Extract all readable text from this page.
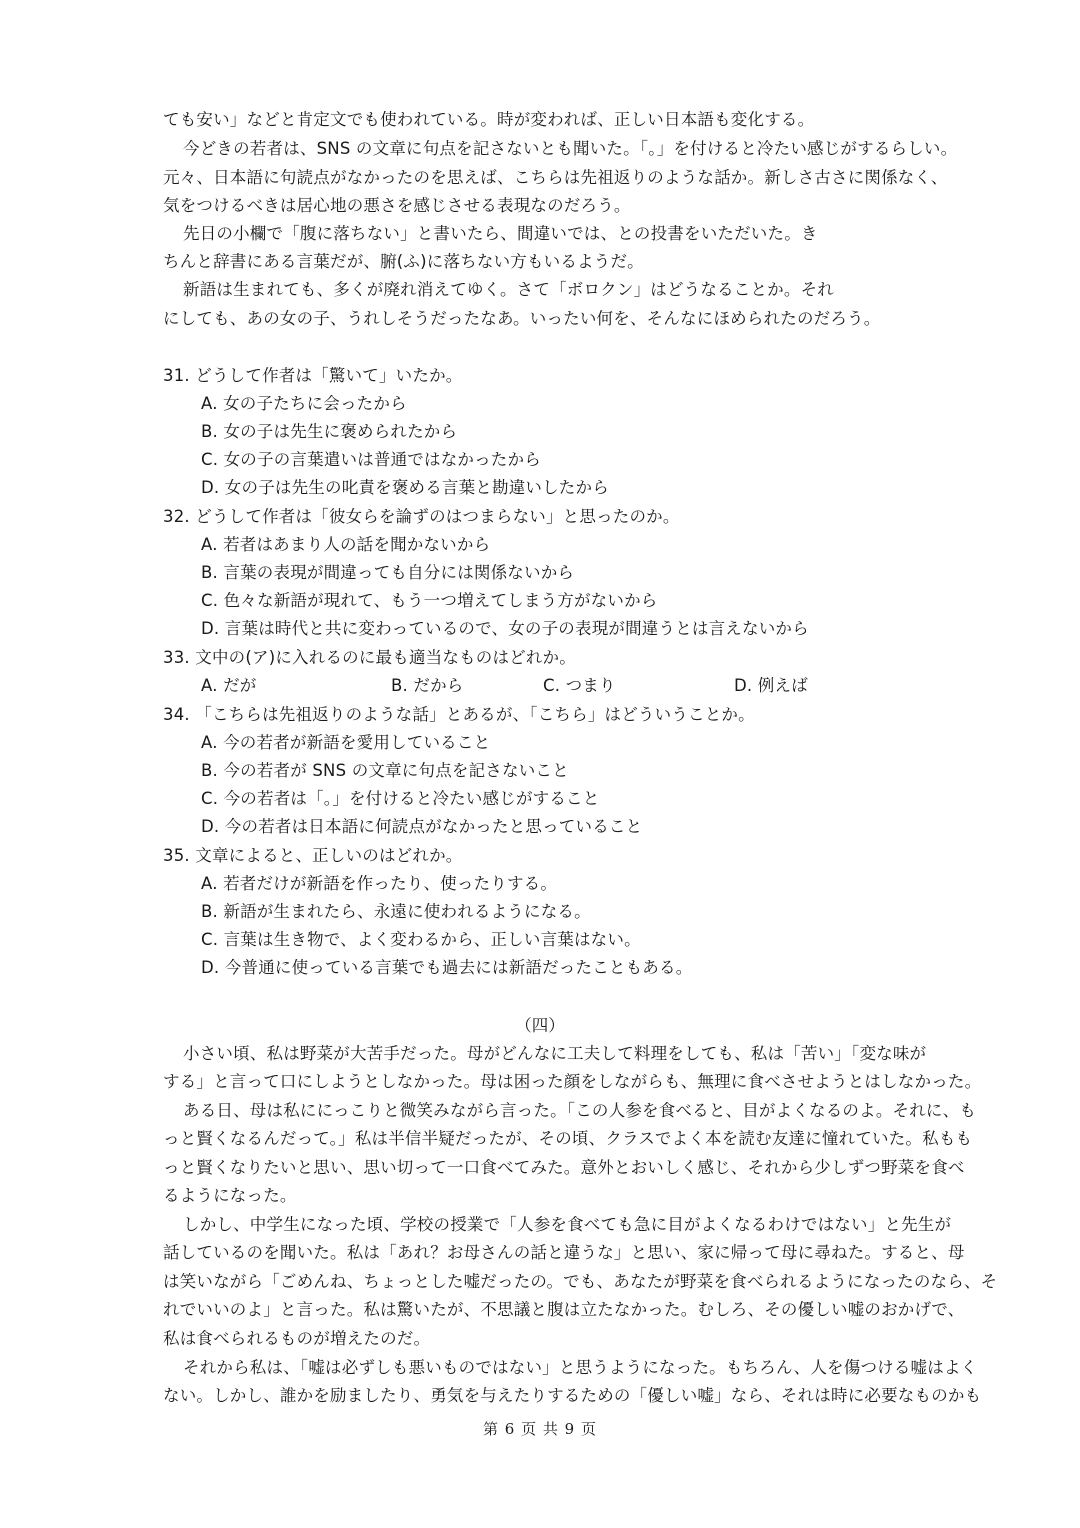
ても安い」などと肯定文でも使われている。時が変われば、正しい日本語も変化する。
今どきの若者は、SNS の文章に句点を記さないとも聞いた。「。」を付けると冷たい感じがするらしい。
元々、日本語に句読点がなかったのを思えば、こちらは先祖返りのような話か。新しさ古さに関係なく、
気をつけるべきは居心地の悪さを感じさせる表現なのだろう。
先日の小欄で「腹に落ちない」と書いたら、間違いでは、との投書をいただいた。き
ちんと辞書にある言葉だが、腑(ふ)に落ちない方もいるようだ。
新語は生まれても、多くが廃れ消えてゆく。さて「ボロクン」はどうなることか。それ
にしても、あの女の子、うれしそうだったなあ。いったい何を、そんなにほめられたのだろう。
31. どうして作者は「驚いて」いたか。
A. 女の子たちに会ったから
B. 女の子は先生に褒められたから
C. 女の子の言葉遣いは普通ではなかったから
D. 女の子は先生の叱責を褒める言葉と勘違いしたから
32. どうして作者は「彼女らを論ずのはつまらない」と思ったのか。
A. 若者はあまり人の話を聞かないから
B. 言葉の表現が間違っても自分には関係ないから
C. 色々な新語が現れて、もう一つ増えてしまう方がないから
D. 言葉は時代と共に変わっているので、女の子の表現が間違うとは言えないから
33. 文中の(ア)に入れるのに最も適当なものはどれか。
A. だが	B. だから	C. つまり	D. 例えば
34. 「こちらは先祖返りのような話」とあるが、「こちら」はどういうことか。
A. 今の若者が新語を愛用していること
B. 今の若者が SNS の文章に句点を記さないこと
C. 今の若者は「。」を付けると冷たい感じがすること
D. 今の若者は日本語に何読点がなかったと思っていること
35. 文章によると、正しいのはどれか。
A. 若者だけが新語を作ったり、使ったりする。
B. 新語が生まれたら、永遠に使われるようになる。
C. 言葉は生き物で、よく変わるから、正しい言葉はない。
D. 今普通に使っている言葉でも過去には新語だったこともある。
（四）
小さい頃、私は野菜が大苦手だった。母がどんなに工夫して料理をしても、私は「苦い」「変な味が
する」と言って口にしようとしなかった。母は困った顔をしながらも、無理に食べさせようとはしなかった。
ある日、母は私ににっこりと微笑みながら言った。「この人参を食べると、目がよくなるのよ。それに、も
っと賢くなるんだって。」私は半信半疑だったが、その頃、クラスでよく本を読む友達に憧れていた。私もも
っと賢くなりたいと思い、思い切って一口食べてみた。意外とおいしく感じ、それから少しずつ野菜を食べ
るようになった。
しかし、中学生になった頃、学校の授業で「人参を食べても急に目がよくなるわけではない」と先生が
話しているのを聞いた。私は「あれ？お母さんの話と違うな」と思い、家に帰って母に尋ねた。すると、母
は笑いながら「ごめんね、ちょっとした嘘だったの。でも、あなたが野菜を食べられるようになったのなら、そ
れでいいのよ」と言った。私は驚いたが、不思議と腹は立たなかった。むしろ、その優しい嘘のおかげで、
私は食べられるものが増えたのだ。
それから私は、「嘘は必ずしも悪いものではない」と思うようになった。もちろん、人を傷つける嘘はよく
ない。しかし、誰かを励ましたり、勇気を与えたりするための「優しい嘘」なら、それは時に必要なものかも
第 6 页 共 9 页
